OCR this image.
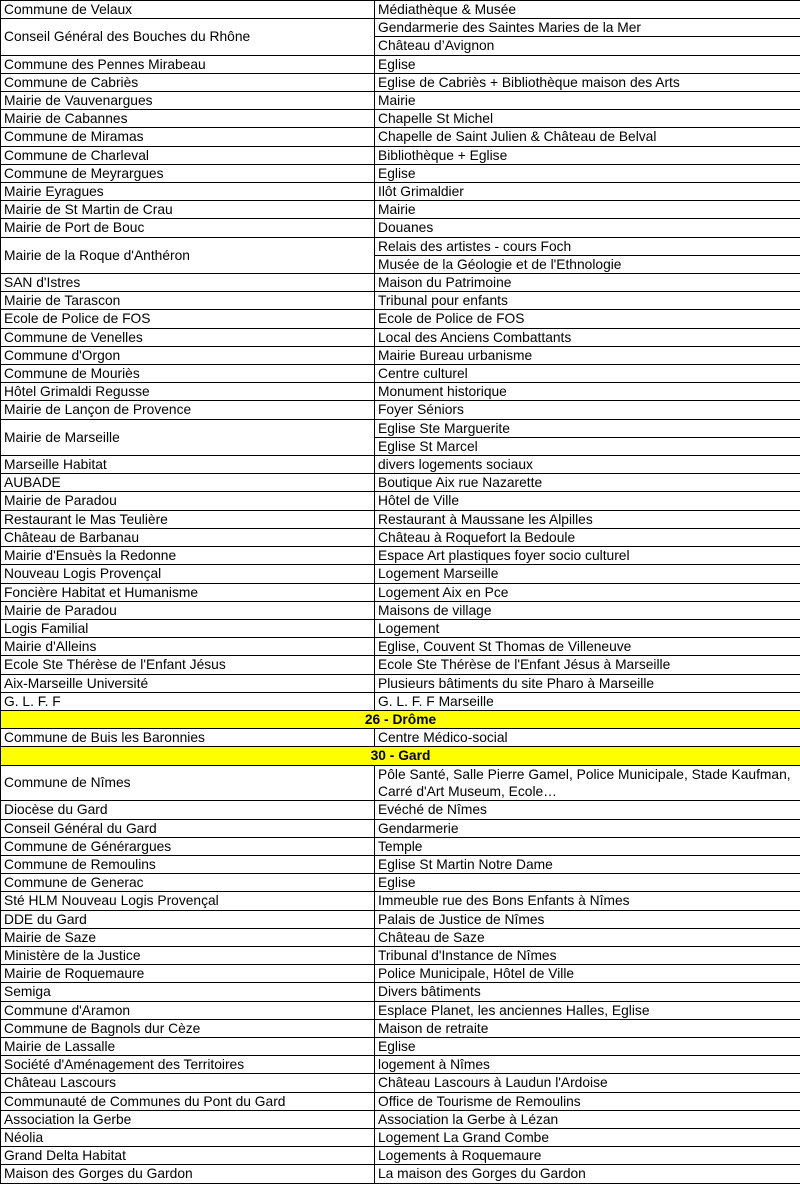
Commune de Velaux	Médiathèque & Musée
Conseil Général des Bouches du Rhône	Gendarmerie des Saintes Maries de la Mer
	Château d’Avignon
Commune des Pennes Mirabeau	Eglise
Commune de Cabriès	Eglise de Cabriès + Bibliothèque maison des Arts
Mairie de Vauvenargues	Mairie
Mairie de Cabannes	Chapelle St Michel
Commune de Miramas	Chapelle de Saint Julien & Château de Belval
Commune de Charleval	Bibliothèque + Eglise
Commune de Meyrargues	Eglise
Mairie Eyragues	Ilôt Grimaldier
Mairie de St Martin de Crau	Mairie
Mairie de Port de Bouc	Douanes
Mairie de la Roque d'Anthéron	Relais des artistes - cours Foch
	Musée de la Géologie et de l'Ethnologie
SAN d'Istres	Maison du Patrimoine
Mairie de Tarascon	Tribunal pour enfants
Ecole de Police de FOS	Ecole de Police de FOS
Commune de Venelles	Local des Anciens Combattants
Commune d'Orgon	Mairie Bureau urbanisme
Commune de Mouriès	Centre culturel
Hôtel Grimaldi Regusse	Monument historique
Mairie de Lançon de Provence	Foyer Séniors
Mairie de Marseille	Eglise Ste Marguerite
	Eglise St Marcel
Marseille Habitat	divers logements sociaux
AUBADE	Boutique Aix rue Nazarette
Mairie de Paradou	Hôtel de Ville
Restaurant le Mas Teulière	Restaurant à Maussane les Alpilles
Château de Barbanau	Château à Roquefort la Bedoule
Mairie d'Ensuès la Redonne	Espace Art plastiques foyer socio culturel
Nouveau Logis Provençal	Logement Marseille
Foncière Habitat et Humanisme	Logement Aix en Pce
Mairie de Paradou	Maisons de village
Logis Familial	Logement
Mairie d'Alleins	Eglise, Couvent St Thomas de Villeneuve
Ecole Ste Thérèse de l'Enfant Jésus	Ecole Ste Thérèse de l'Enfant Jésus à Marseille
Aix-Marseille Université	Plusieurs bâtiments du site Pharo à Marseille
G. L. F. F	G. L. F. F Marseille
26 - Drôme	
Commune de Buis les Baronnies	Centre Médico-social
30 - Gard	
Commune de Nîmes	Pôle Santé, Salle Pierre Gamel, Police Municipale, Stade Kaufman, Carré d'Art Museum, Ecole…
Diocèse du Gard	Evéché de Nîmes
Conseil Général du Gard	Gendarmerie
Commune de Générargues	Temple
Commune de Remoulins	Eglise St Martin Notre Dame
Commune de Generac	Eglise
Sté HLM Nouveau Logis Provençal	Immeuble rue des Bons Enfants à Nîmes
DDE du Gard	Palais de Justice de Nîmes
Mairie de Saze	Château de Saze
Ministère de la Justice	Tribunal d'Instance de Nîmes
Mairie de Roquemaure	Police Municipale, Hôtel de Ville
Semiga	Divers bâtiments
Commune d'Aramon	Esplace Planet, les anciennes Halles, Eglise
Commune de Bagnols dur Cèze	Maison de retraite
Mairie de Lassalle	Eglise
Société d'Aménagement des Territoires	logement à Nîmes
Château Lascours	Château Lascours à Laudun l'Ardoise
Communauté de Communes du Pont du Gard	Office de Tourisme de Remoulins
Association la Gerbe	Association la Gerbe à Lézan
Néolia	Logement La Grand Combe
Grand Delta Habitat	Logements à Roquemaure
Maison des Gorges du Gardon	La maison des Gorges du Gardon
